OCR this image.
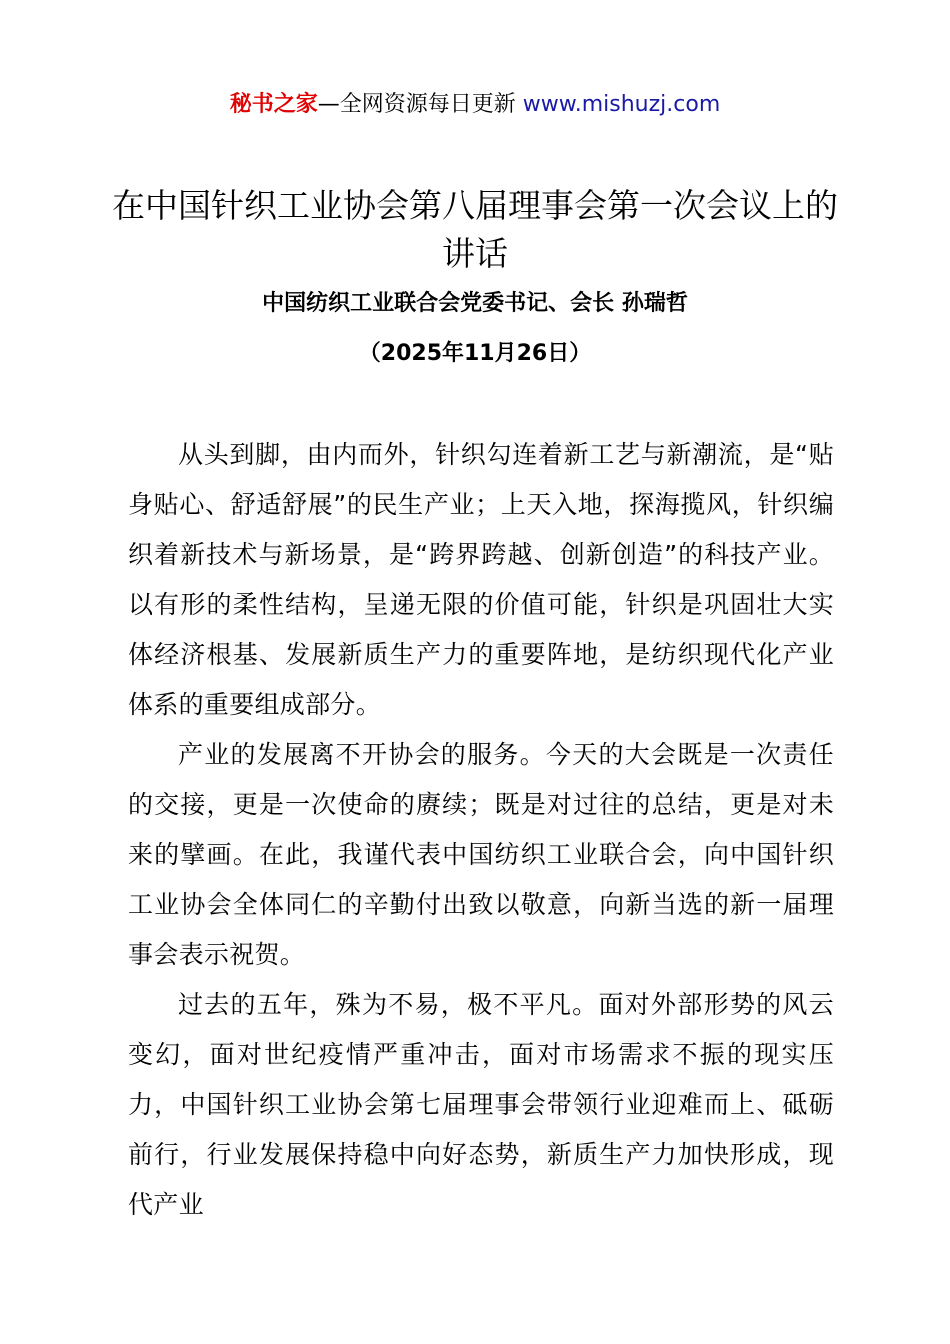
秘书之家—全网资源每日更新 www.mishuzj.com
在中国针织工业协会第八届理事会第一次会议上的讲话
中国纺织工业联合会党委书记、会长 孙瑞哲
（2025年11月26日）

从头到脚，由内而外，针织勾连着新工艺与新潮流，是“贴身贴心、舒适舒展”的民生产业；上天入地，探海揽风，针织编织着新技术与新场景，是“跨界跨越、创新创造”的科技产业。以有形的柔性结构，呈递无限的价值可能，针织是巩固壮大实体经济根基、发展新质生产力的重要阵地，是纺织现代化产业体系的重要组成部分。

产业的发展离不开协会的服务。今天的大会既是一次责任的交接，更是一次使命的赓续；既是对过往的总结，更是对未来的擘画。在此，我谨代表中国纺织工业联合会，向中国针织工业协会全体同仁的辛勤付出致以敬意，向新当选的新一届理事会表示祝贺。

过去的五年，殊为不易，极不平凡。面对外部形势的风云变幻，面对世纪疫情严重冲击，面对市场需求不振的现实压力，中国针织工业协会第七届理事会带领行业迎难而上、砥砺前行，行业发展保持稳中向好态势，新质生产力加快形成，现代产业
